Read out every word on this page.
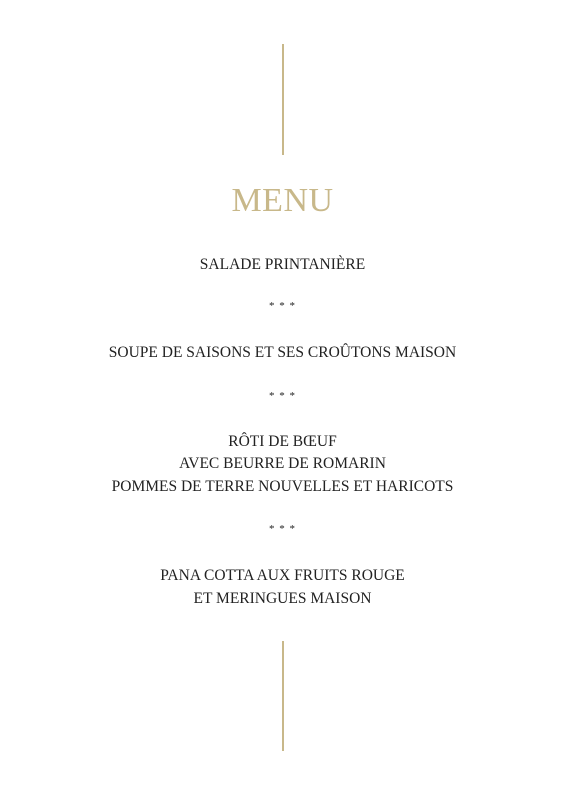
MENU
SALADE PRINTANIÈRE
* * *
SOUPE DE SAISONS ET SES CROÛTONS MAISON
* * *
RÔTI DE BŒUF
AVEC BEURRE DE ROMARIN
POMMES DE TERRE NOUVELLES ET HARICOTS
* * *
PANA COTTA AUX FRUITS ROUGE
ET MERINGUES MAISON
